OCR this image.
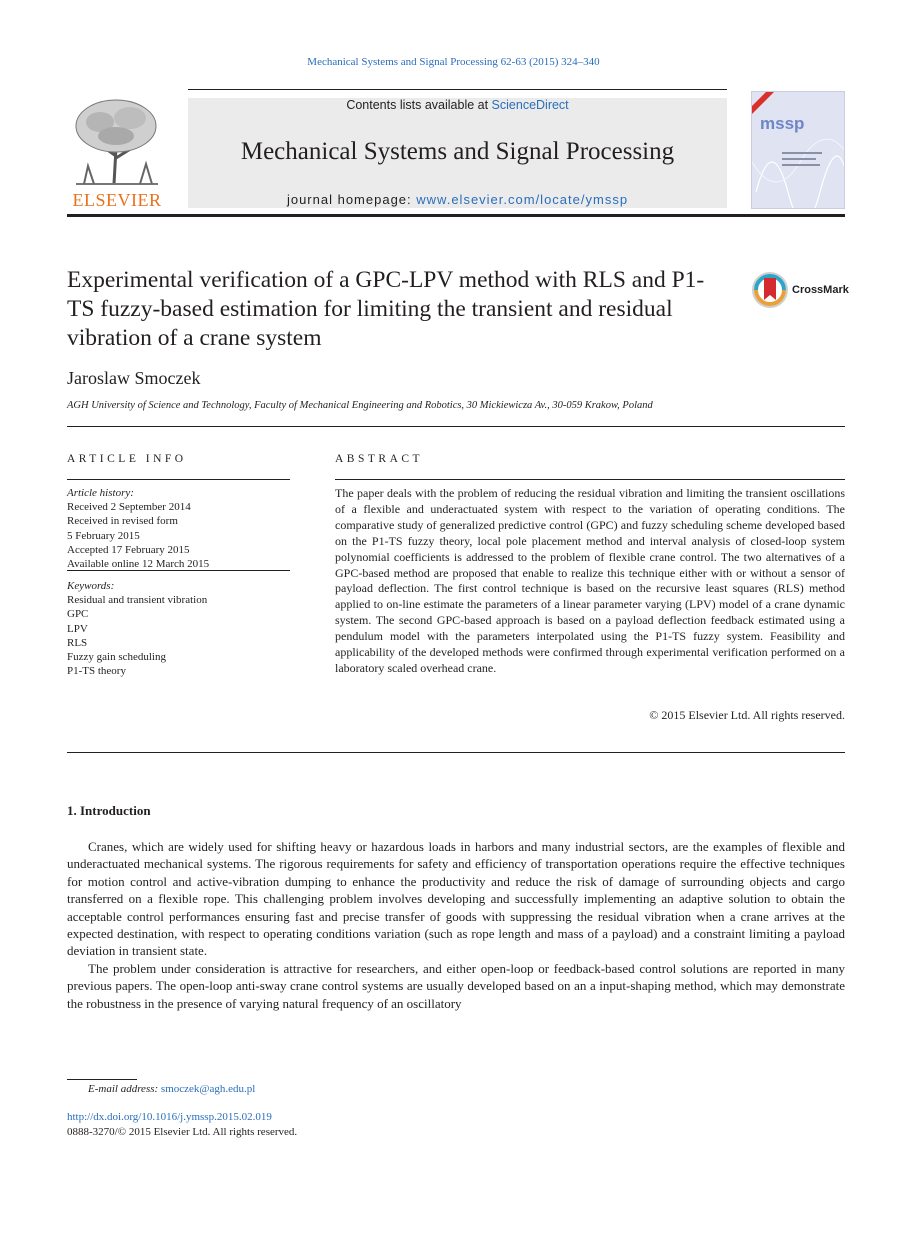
Mechanical Systems and Signal Processing 62-63 (2015) 324–340
ELSEVIER
Contents lists available at ScienceDirect
Mechanical Systems and Signal Processing
journal homepage: www.elsevier.com/locate/ymssp
mssp
Experimental verification of a GPC-LPV method with RLS and P1-TS fuzzy-based estimation for limiting the transient and residual vibration of a crane system
CrossMark
Jaroslaw Smoczek
AGH University of Science and Technology, Faculty of Mechanical Engineering and Robotics, 30 Mickiewicza Av., 30-059 Krakow, Poland
ARTICLE INFO	ABSTRACT
Article history:
Received 2 September 2014
Received in revised form
5 February 2015
Accepted 17 February 2015
Available online 12 March 2015
Keywords:
Residual and transient vibration
GPC
LPV
RLS
Fuzzy gain scheduling
P1-TS theory
The paper deals with the problem of reducing the residual vibration and limiting the transient oscillations of a flexible and underactuated system with respect to the variation of operating conditions. The comparative study of generalized predictive control (GPC) and fuzzy scheduling scheme developed based on the P1-TS fuzzy theory, local pole placement method and interval analysis of closed-loop system polynomial coefficients is addressed to the problem of flexible crane control. The two alternatives of a GPC-based method are proposed that enable to realize this technique either with or without a sensor of payload deflection. The first control technique is based on the recursive least squares (RLS) method applied to on-line estimate the parameters of a linear parameter varying (LPV) model of a crane dynamic system. The second GPC-based approach is based on a payload deflection feedback estimated using a pendulum model with the parameters interpolated using the P1-TS fuzzy system. Feasibility and applicability of the developed methods were confirmed through experimental verification performed on a laboratory scaled overhead crane.
© 2015 Elsevier Ltd. All rights reserved.
1. Introduction

Cranes, which are widely used for shifting heavy or hazardous loads in harbors and many industrial sectors, are the examples of flexible and underactuated mechanical systems. The rigorous requirements for safety and efficiency of transportation operations require the effective techniques for motion control and active-vibration dumping to enhance the productivity and reduce the risk of damage of surrounding objects and cargo transferred on a flexible rope. This challenging problem involves developing and successfully implementing an adaptive solution to obtain the acceptable control performances ensuring fast and precise transfer of goods with suppressing the residual vibration when a crane arrives at the expected destination, with respect to operating conditions variation (such as rope length and mass of a payload) and a constraint limiting a payload deviation in transient state.

The problem under consideration is attractive for researchers, and either open-loop or feedback-based control solutions are reported in many previous papers. The open-loop anti-sway crane control systems are usually developed based on an a input-shaping method, which may demonstrate the robustness in the presence of varying natural frequency of an oscillatory

E-mail address: smoczek@agh.edu.pl
http://dx.doi.org/10.1016/j.ymssp.2015.02.019
0888-3270/© 2015 Elsevier Ltd. All rights reserved.
